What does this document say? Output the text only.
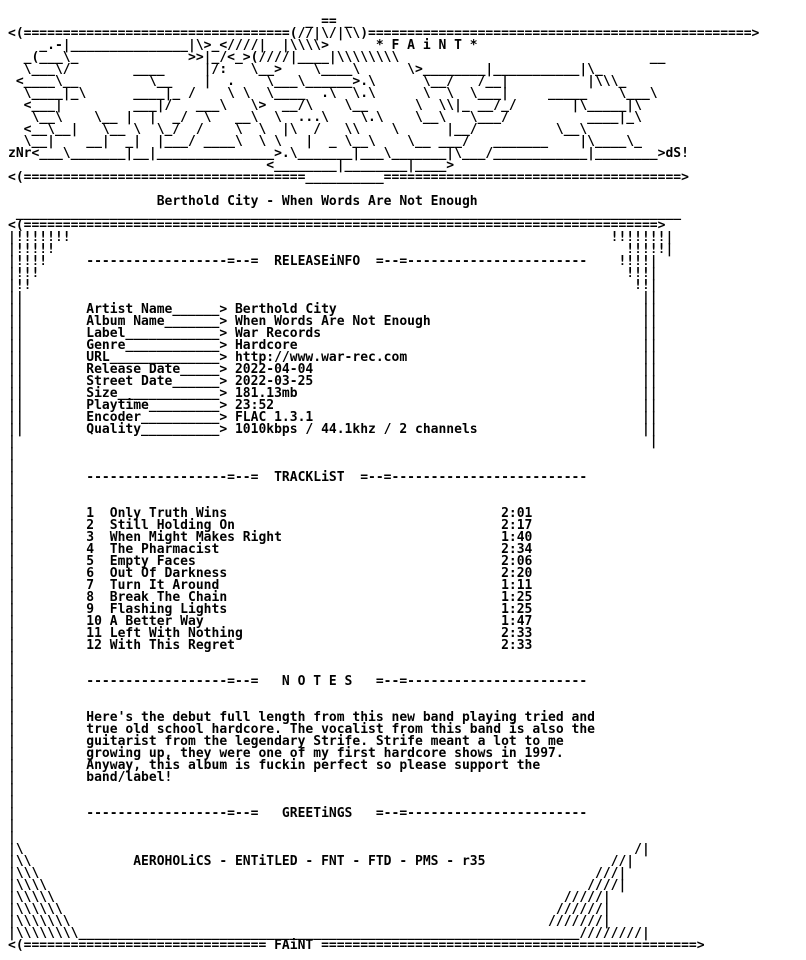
_ == _
<(==================================(//|\/|\\)=================================================>
_.-|_______________|\>_<////|  |\\\\>      * F A i N T *
_(___\_              >>|_/<_>(////|____|\\\\\\\\                                __
\___\/        ____     |/:   \__>    \____\      \>________|___________|\_
<____\__         \__    |  .    \___\______>.\      \__/   /__|          |\\\_
\____|_\      ____|_ /    \ \  \____  .\  \.\      \  \  \___|     _____    \___\
<___|         ___|/   ___\   \>  __/\    \__      \  \\|_ __/_/       |\_____|\
\__\    \__ |  |  _/  \   __\  \  ...\    \.\    \__\   \___/          ____|_\
<__\__|   \__ \  \_/  /    \  \  |\  /   \\    \      |__/          \__\
\__|    __|  _|  |___/ ____\  \ \   |  _ \__\    \__ ___/   _______    |\____\_
zNr<___\_______|__|_______________>.\_______|___\_______|\___/____________|________>dS!
<________|________|____>
<(====================================__________======================================>

Berthold City - When Words Are Not Enough
_____________________________________________________________________________________
<(=================================================================================>
|!!!!!!!                                                                     !!!!!!!|
|!!!!!                                                                         !!!!!|
|!!!!     ------------------=--=  RELEASEiNFO  =--=-----------------------    !!!!|
|!!!                                                                           !!!|
|!!                                                                             !!|
||                                                                               ||
||        Artist Name______> Berthold City                                       ||
||        Album Name_______> When Words Are Not Enough                           ||
||        Label____________> War Records                                         ||
||        Genre____________> Hardcore                                            ||
||        URL______________> http://www.war-rec.com                              ||
||        Release Date_____> 2022-04-04                                          ||
||        Street Date______> 2022-03-25                                          ||
||        Size_____________> 181.13mb                                            ||
||        Playtime_________> 23:52                                               ||
||        Encoder__________> FLAC 1.3.1                                          ||
||        Quality__________> 1010kbps / 44.1khz / 2 channels                     ||
|                                                                                 |
|
|
|         ------------------=--=  TRACKLiST  =--=-------------------------
|
|
|         1  Only Truth Wins                                   2:01
|         2  Still Holding On                                  2:17
|         3  When Might Makes Right                            1:40
|         4  The Pharmacist                                    2:34
|         5  Empty Faces                                       2:06
|         6  Out Of Darkness                                   2:20
|         7  Turn It Around                                    1:11
|         8  Break The Chain                                   1:25
|         9  Flashing Lights                                   1:25
|         10 A Better Way                                      1:47
|         11 Left With Nothing                                 2:33
|         12 With This Regret                                  2:33
|
|
|         ------------------=--=   N O T E S   =--=-----------------------
|
|
|         Here's the debut full length from this new band playing tried and
|         true old school hardcore. The vocalist from this band is also the
|         guitarist from the legendary Strife. Strife meant a lot to me
|         growing up, they were one of my first hardcore shows in 1997.
|         Anyway, this album is fuckin perfect so please support the
|         band/label!
|
|
|         ------------------=--=   GREETiNGS   =--=-----------------------
|
|
|\                                                                              /|
|\\             AEROHOLiCS - ENTiTLED - FNT - FTD - PMS - r35                //|
|\\\                                                                       ///|
|\\\\                                                                     ////|
|\\\\\                                                                 /////|
|\\\\\\                                                               //////|
|\\\\\\\                                                             ///////|
|\\\\\\\\________________________________________________________________////////|
<(=============================== FAiNT ================================================>
